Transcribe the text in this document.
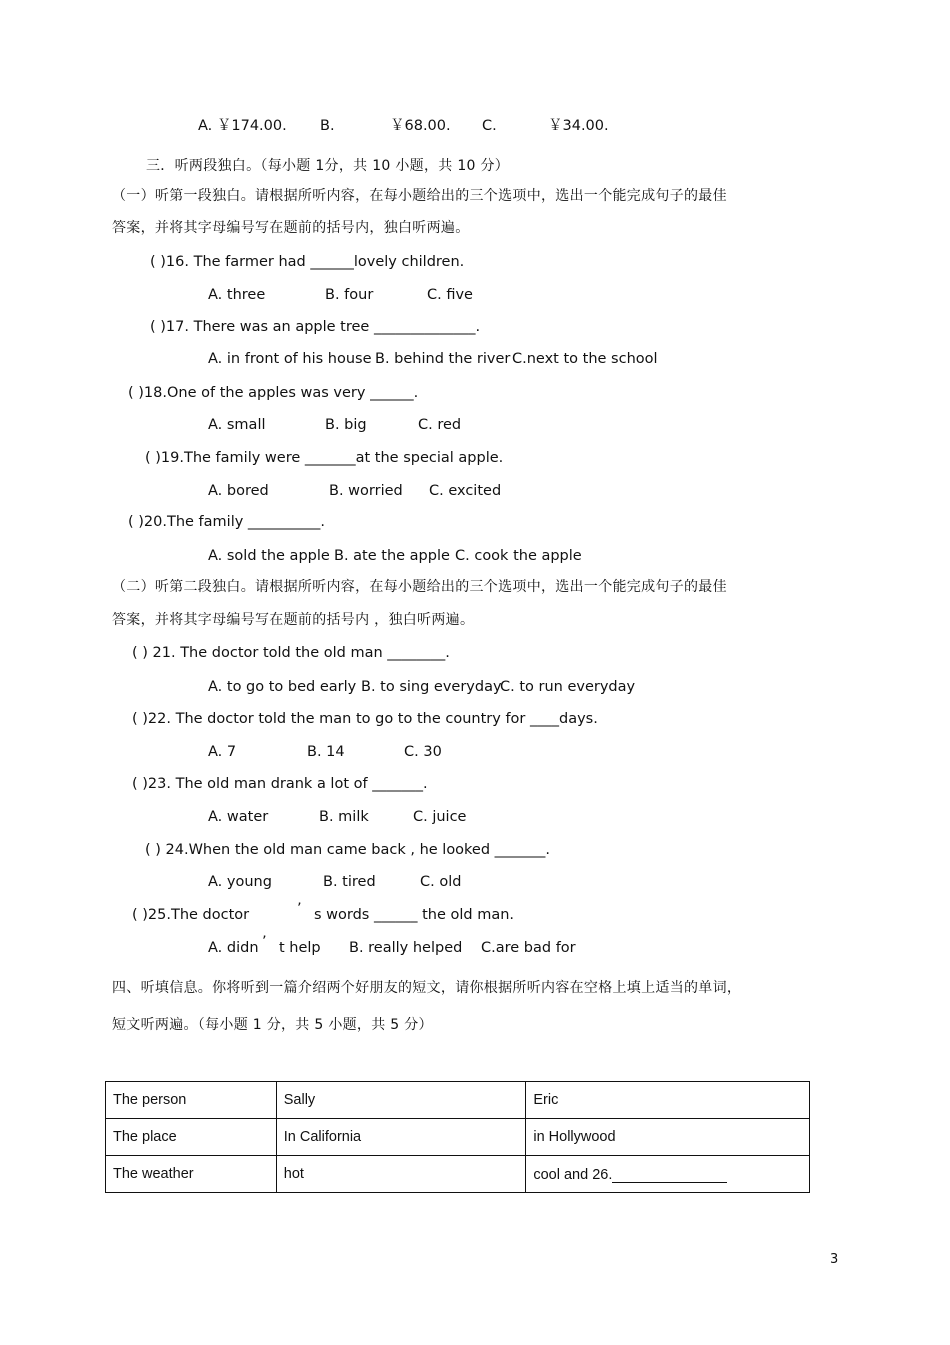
A. ￥174.00. B.	￥68.00. C.	￥34.00.
三．听两段独白。（每小题 1分，共 10 小题，共 10 分）
（一）听第一段独白。请根据所听内容，在每小题给出的三个选项中，选出一个能完成句子的最佳
答案，并将其字母编号写在题前的括号内，独白听两遍。
( )16. The farmer had ______lovely children.
A. three	B. four	C. five
( )17. There was an apple tree ______________.
A. in front of his house B. behind the river C.next to the school
( )18.One of the apples was very ______.
A. small	B. big	C. red
( )19.The family were _______at the special apple.
A. bored	B. worried C. excited
( )20.The family __________.
A. sold the apple B. ate the apple C. cook the apple
（二）听第二段独白。请根据所听内容，在每小题给出的三个选项中，选出一个能完成句子的最佳
答案，并将其字母编号写在题前的括号内 ，独白听两遍。
( ) 21. The doctor told the old man ________.
A. to go to bed early B. to sing everyday
C. to run everyday
( )22. The doctor told the man to go to the country for ____days.
A. 7	B. 14	C. 30
( )23. The old man drank a lot of _______.
A. water	B. milk	C. juice
( ) 24.When the old man came back , he looked _______.
A. young	B. tired	C. old
( )25.The doctor	’ s words ______ the old man.
A. didn ’ t help B. really helped C.are bad for
四、听填信息。你将听到一篇介绍两个好朋友的短文，请你根据所听内容在空格上填上适当的单词，
短文听两遍。（每小题 1 分，共 5 小题，共 5 分）
The person	Sally	Eric
The place	In California	in Hollywood
The weather	hot	cool and 26.
3
